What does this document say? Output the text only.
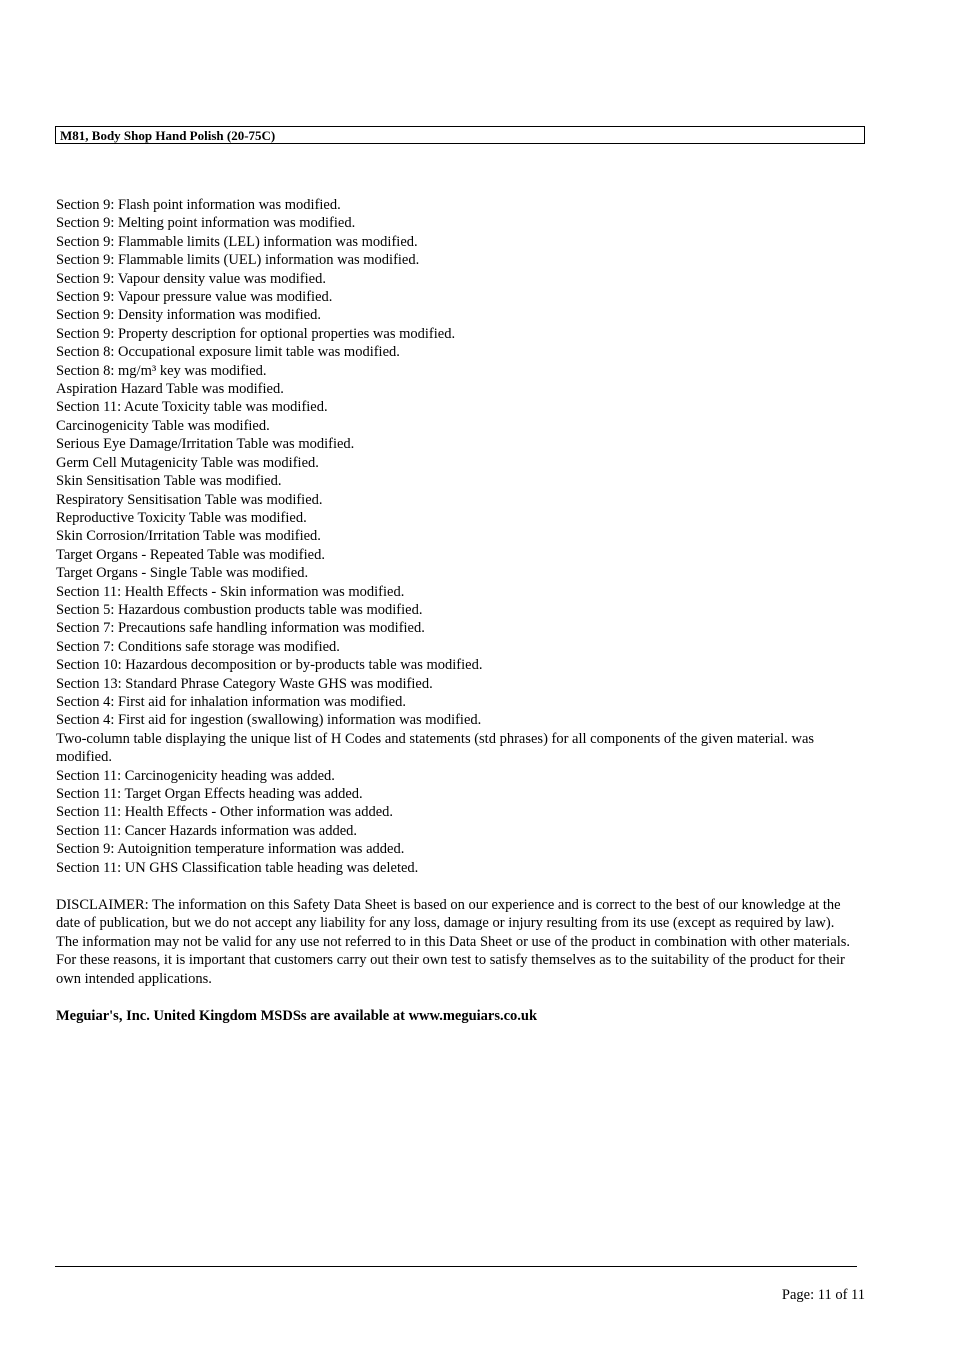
M81, Body Shop Hand Polish (20-75C)

Section 9: Flash point information was modified.

Section 9: Melting point information was modified.

Section 9: Flammable limits (LEL) information was modified.

Section 9: Flammable limits (UEL) information was modified.

Section 9: Vapour density value was modified.

Section 9: Vapour pressure value was modified.

Section 9: Density information was modified.

Section 9: Property description for optional properties was modified.

Section 8: Occupational exposure limit table was modified.

Section 8: mg/m³ key was modified.

Aspiration Hazard Table was modified.

Section 11: Acute Toxicity table was modified.

Carcinogenicity Table was modified.

Serious Eye Damage/Irritation Table was modified.

Germ Cell Mutagenicity Table was modified.

Skin Sensitisation Table was modified.

Respiratory Sensitisation Table was modified.

Reproductive Toxicity Table was modified.

Skin Corrosion/Irritation Table was modified.

Target Organs - Repeated Table was modified.

Target Organs - Single Table was modified.

Section 11: Health Effects - Skin information was modified.

Section 5: Hazardous combustion products table was modified.

Section 7: Precautions safe handling information was modified.

Section 7: Conditions safe storage was modified.

Section 10: Hazardous decomposition or by-products table was modified.

Section 13: Standard Phrase Category Waste GHS was modified.

Section 4: First aid for inhalation information was modified.

Section 4: First aid for ingestion (swallowing) information was modified.

Two-column table displaying the unique list of H Codes and statements (std phrases) for all components of the given material. was modified.

Section 11: Carcinogenicity heading was added.

Section 11: Target Organ Effects heading was added.

Section 11: Health Effects - Other information was added.

Section 11: Cancer Hazards information was added.

Section 9: Autoignition temperature information was added.

Section 11: UN GHS Classification table heading was deleted.

DISCLAIMER: The information on this Safety Data Sheet is based on our experience and is correct to the best of our knowledge at the date of publication, but we do not accept any liability for any loss, damage or injury resulting from its use (except as required by law). The information may not be valid for any use not referred to in this Data Sheet or use of the product in combination with other materials. For these reasons, it is important that customers carry out their own test to satisfy themselves as to the suitability of the product for their own intended applications.
Meguiar's, Inc. United Kingdom MSDSs are available at www.meguiars.co.uk
Page: 11 of 11
